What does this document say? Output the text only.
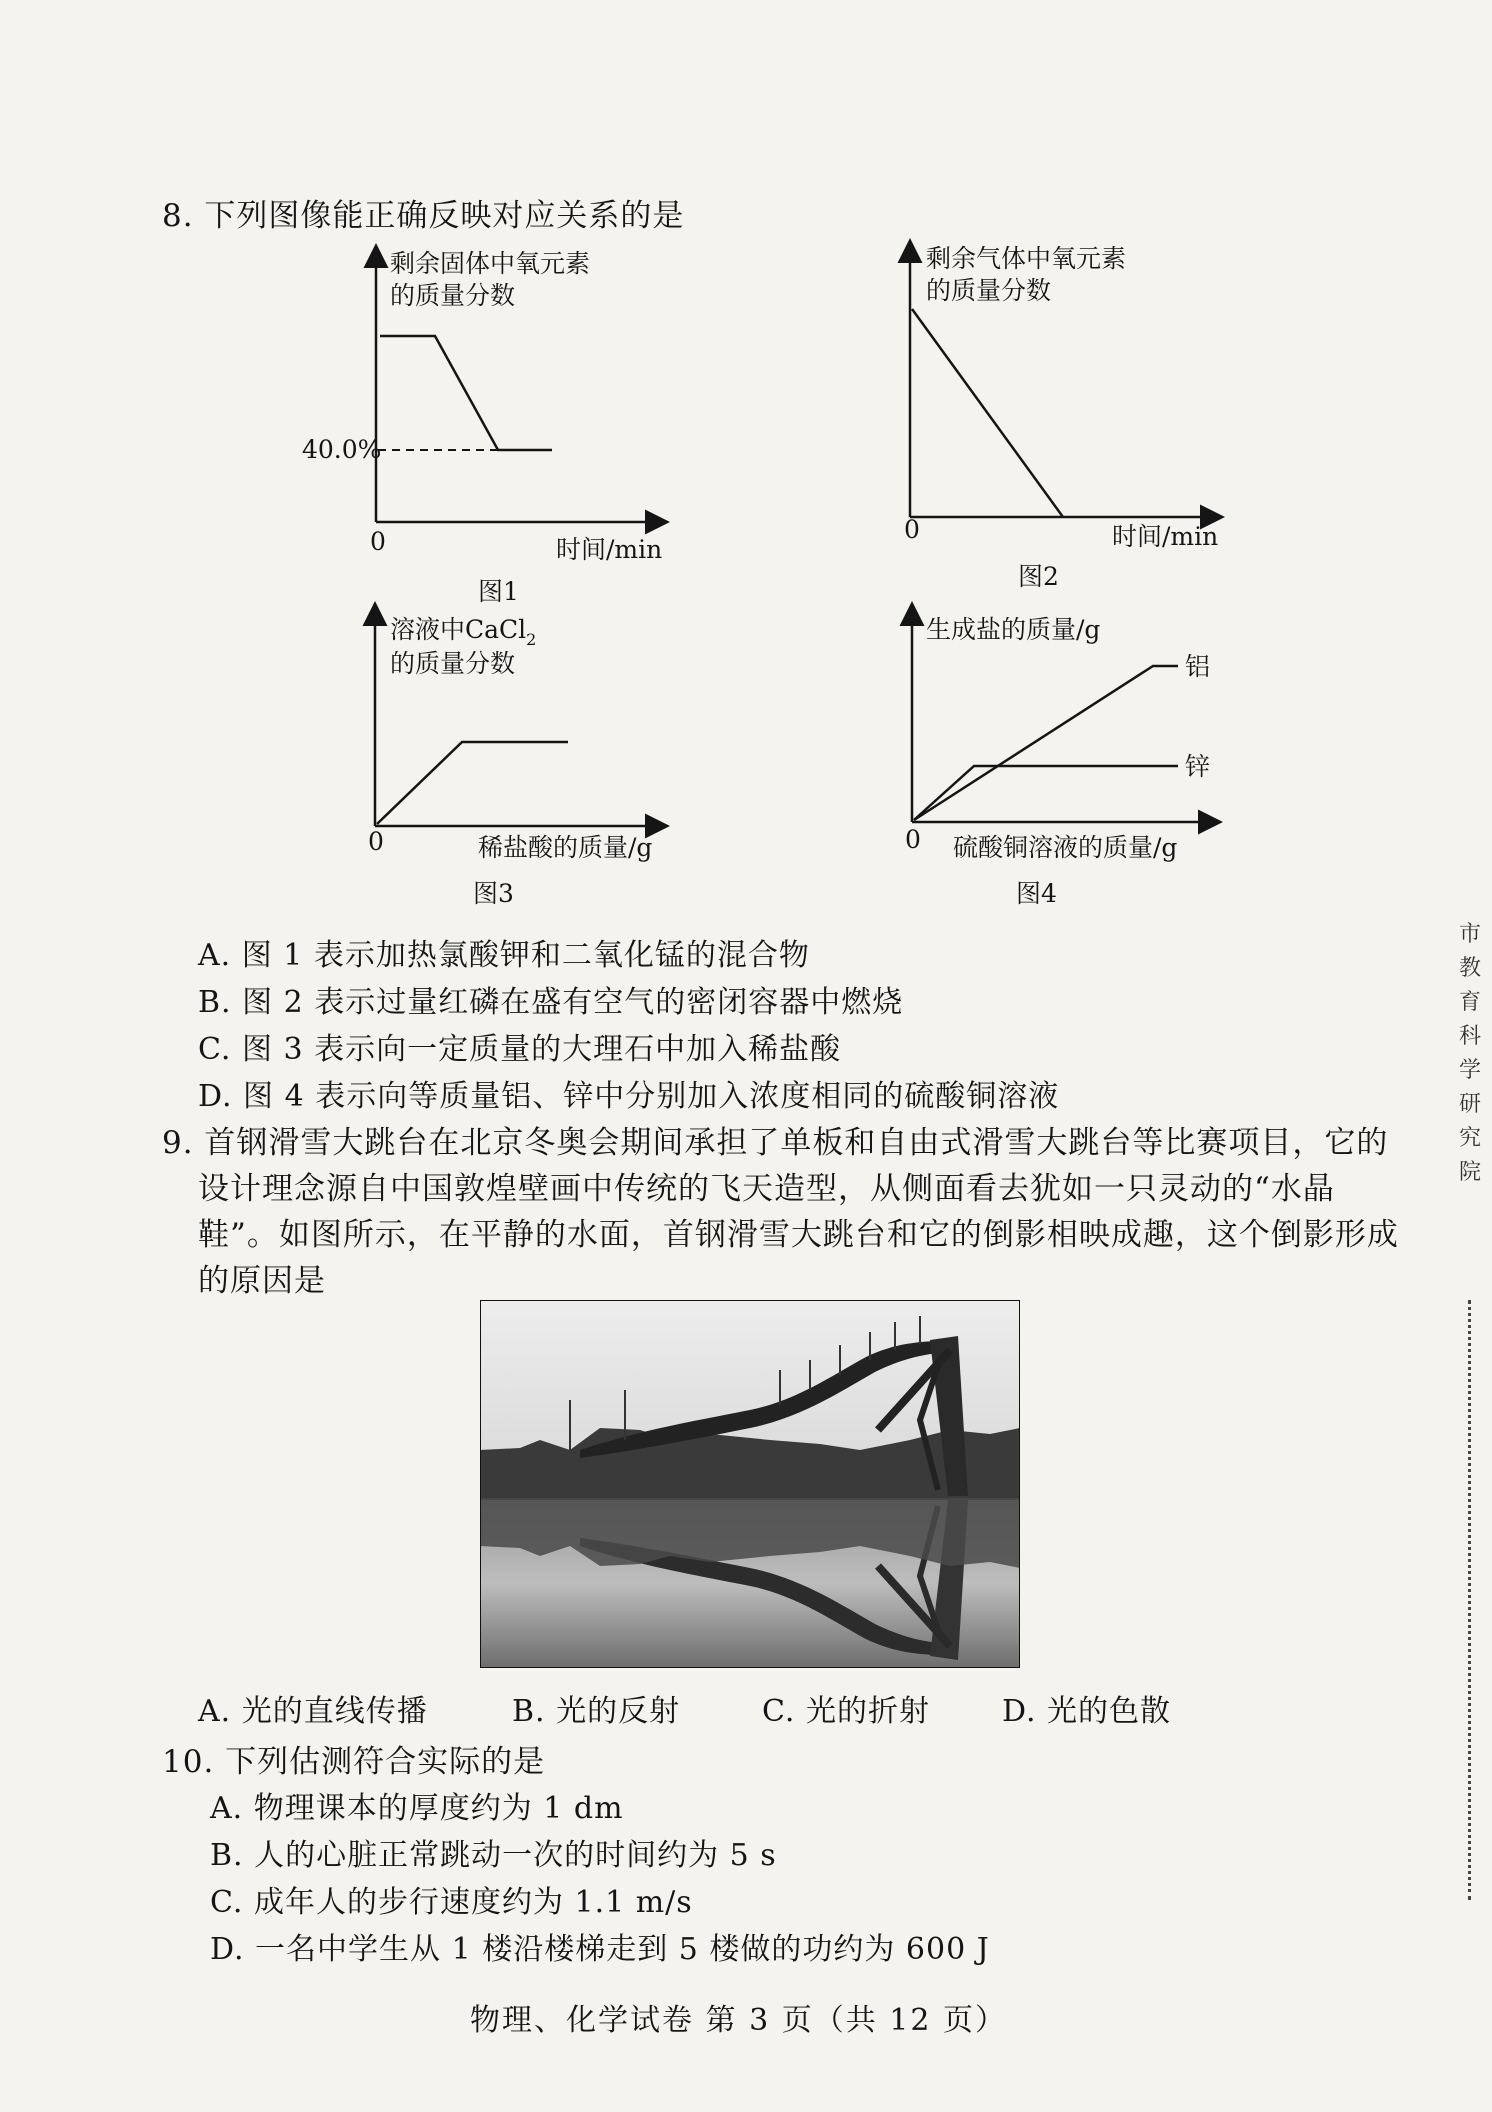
8. 下列图像能正确反映对应关系的是
剩余固体中氧元素
的质量分数
40.0%
0	时间/min
图1
剩余气体中氧元素
的质量分数
0	时间/min
图2
溶液中CaCl$_2$
的质量分数
0	稀盐酸的质量/g
图3
生成盐的质量/g
铝
锌
0 硫酸铜溶液的质量/g
图4
A. 图 1 表示加热氯酸钾和二氧化锰的混合物
B. 图 2 表示过量红磷在盛有空气的密闭容器中燃烧
C. 图 3 表示向一定质量的大理石中加入稀盐酸
D. 图 4 表示向等质量铝、锌中分别加入浓度相同的硫酸铜溶液
9. 首钢滑雪大跳台在北京冬奥会期间承担了单板和自由式滑雪大跳台等比赛项目，它的
设计理念源自中国敦煌壁画中传统的飞天造型，从侧面看去犹如一只灵动的“水晶
鞋”。如图所示，在平静的水面，首钢滑雪大跳台和它的倒影相映成趣，这个倒影形成
的原因是
A. 光的直线传播	B. 光的反射	C. 光的折射 D. 光的色散
10. 下列估测符合实际的是
A. 物理课本的厚度约为 1 dm
B. 人的心脏正常跳动一次的时间约为 5 s
C. 成年人的步行速度约为 1.1 m/s
D. 一名中学生从 1 楼沿楼梯走到 5 楼做的功约为 600 J
物理、化学试卷 第 3 页（共 12 页）
市
教
育
科
学
研
究
院
